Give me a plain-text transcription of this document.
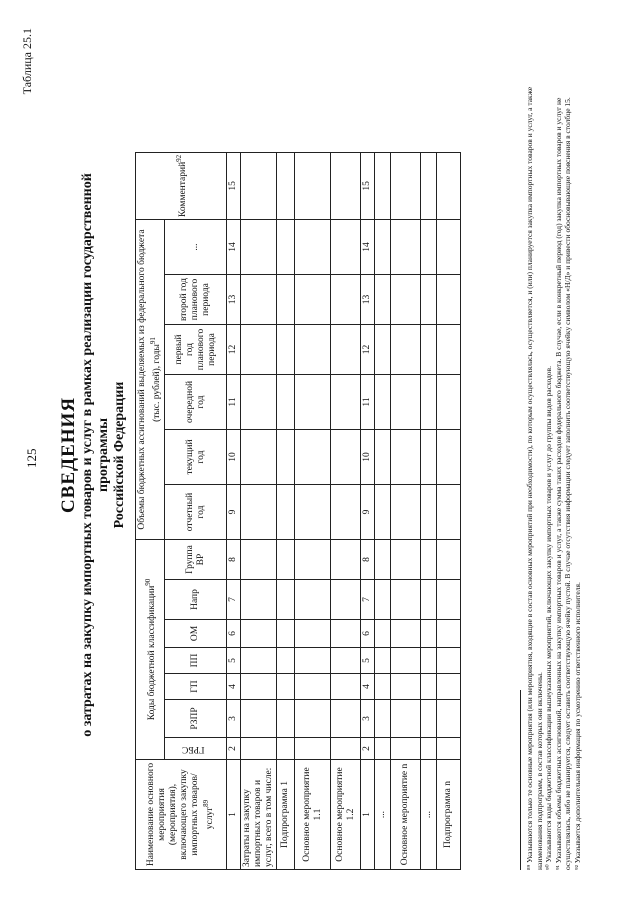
125
Таблица 25.1
СВЕДЕНИЯ о затратах на закупку импортных товаров и услуг в рамках реализации государственной программы Российской Федерации
Наименование основного мероприятия (мероприятия), включающего закупку импортных товаров/услуг$^{89}$	Коды бюджетной классификации$^{90}$							Объемы бюджетных ассигнований выделяемых из федерального бюджета (тыс. рублей), годы$^{91}$						Комментарий$^{92}$
	ГРБС	РЗПР	ГП	ПП	ОМ	Напр	Группа ВР	отчетный год	текущий год	очередной год	первый год планового периода	второй год планового периода	...	
1	2	3	4	5	6	7	8	9	10	11	12	13	14	15
Затраты на закупку импортных товаров и услуг, всего в том числе:														
Подпрограмма 1														
Основное мероприятие 1.1														
Основное мероприятие 1.2														
1	2	3	4	5	6	7	8	9	10	11	12	13	14	15
...														
Основное мероприятие n														
...														
Подпрограмма n															⁸⁹ Указываются только те основные мероприятия (или мероприятия, входящие в состав основных мероприятий при необходимости), по которым осуществлялась, осуществляется, и (или) планируется закупка импортных товаров и услуг, а также наименования подпрограмм, в состав которых они включены. ⁹⁰ Указываются коды бюджетной классификации вышеуказанных мероприятий, включающих закупку импортных товаров и услуг до группы видов расходов. ⁹¹ Указываются объемы бюджетных ассигнований, направленных на закупку импортных товаров и услуг, а также сумма таких расходов федерального бюджета. В случае, если в конкретный период (год) закупка импортных товаров и услуг не осуществлялась, либо не планируется, следует оставить соответствующую ячейку пустой. В случае отсутствия информации следует заполнить соответствующую ячейку символом «Н/Д» и привести обосновывающие пояснения в столбце 15. ⁹² Указывается дополнительная информация по усмотрению ответственного исполнителя.
